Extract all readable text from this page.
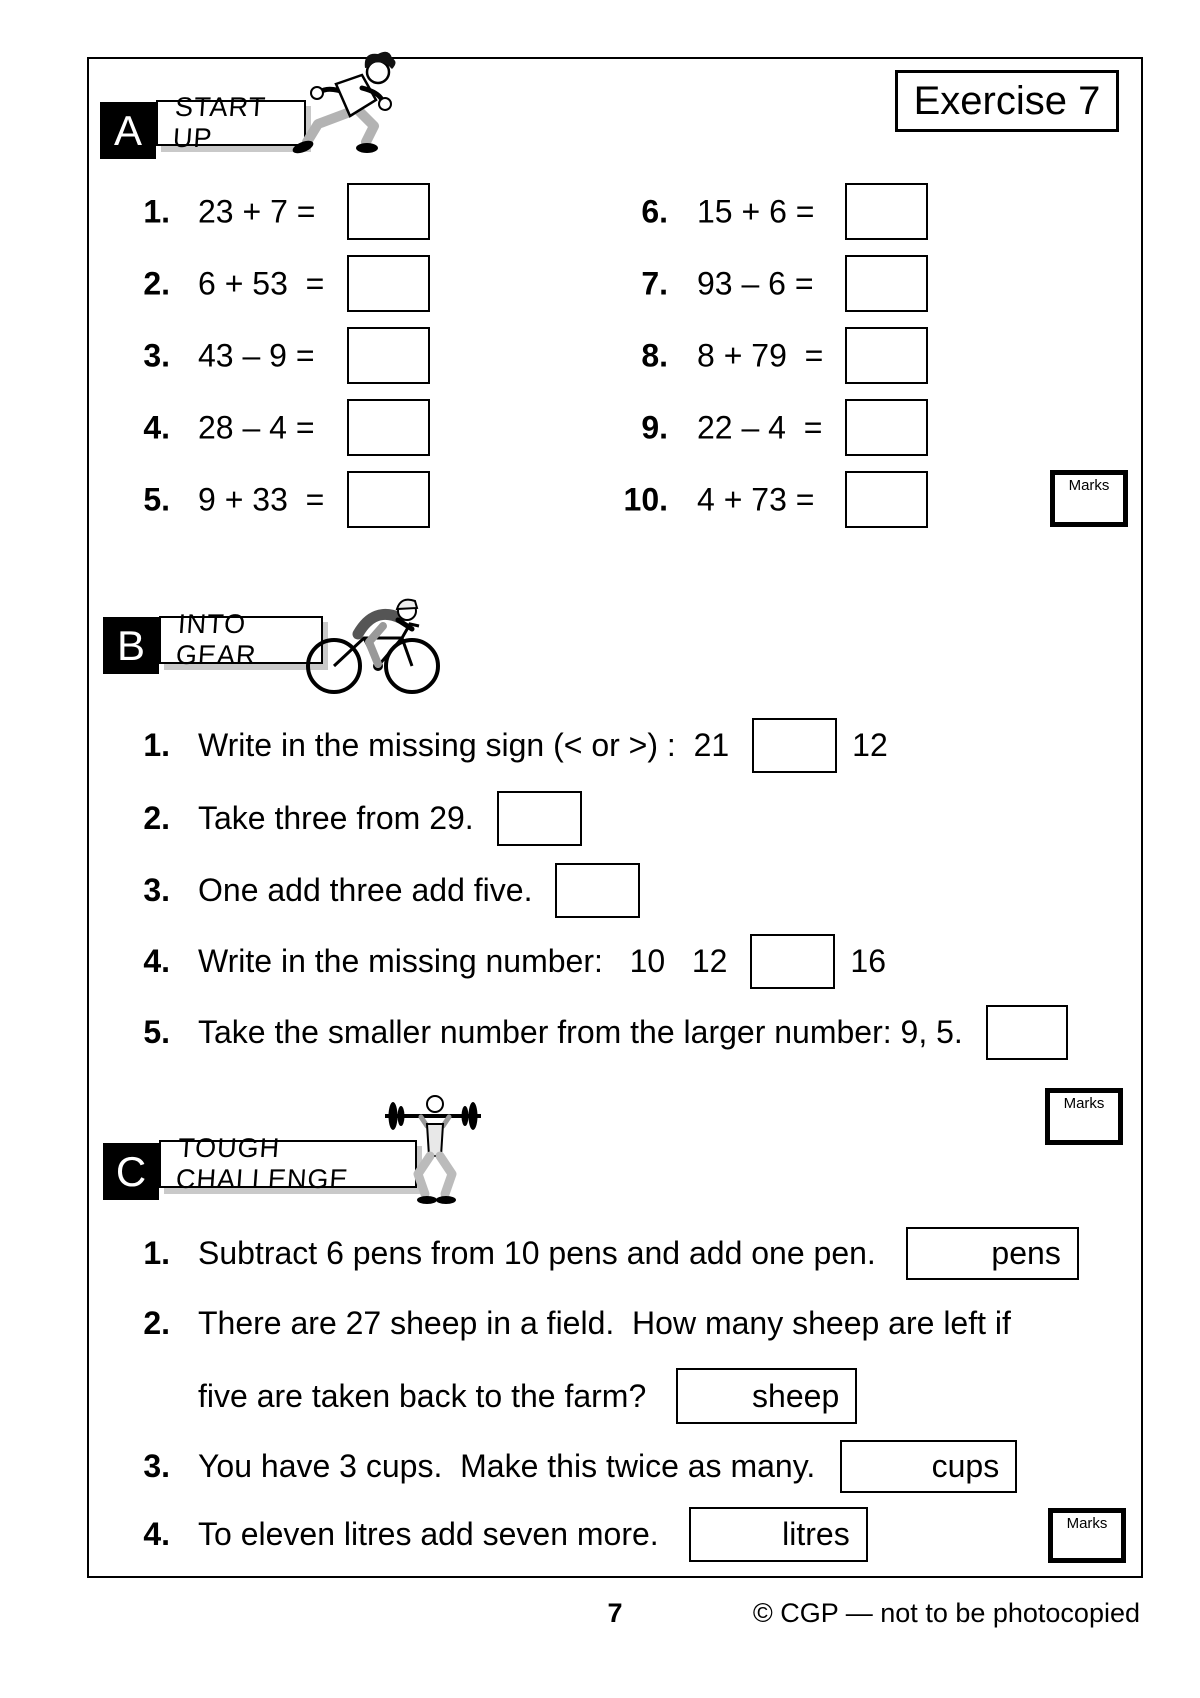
Exercise 7
A START UP
1. 23 + 7 =	6. 15 + 6 =
2. 6 + 53  =	7. 93 – 6 =
3. 43 – 9 =	8. 8 + 79  =
4. 28 – 4 =	9. 22 – 4  =
5. 9 + 33  =	10. 4 + 73 =	Marks
B INTO GEAR
1. Write in the missing sign (< or >) :  21	12
2. Take three from 29.
3. One add three add five.
4. Write in the missing number:   10   12	16
5. Take the smaller number from the larger number: 9, 5.
Marks
C TOUGH CHALLENGE
1. Subtract 6 pens from 10 pens and add one pen.	pens
2. There are 27 sheep in a field.  How many sheep are left if
five are taken back to the farm?	sheep
3. You have 3 cups.  Make this twice as many.	cups
4. To eleven litres add seven more.	litres	Marks
7	© CGP — not to be photocopied
